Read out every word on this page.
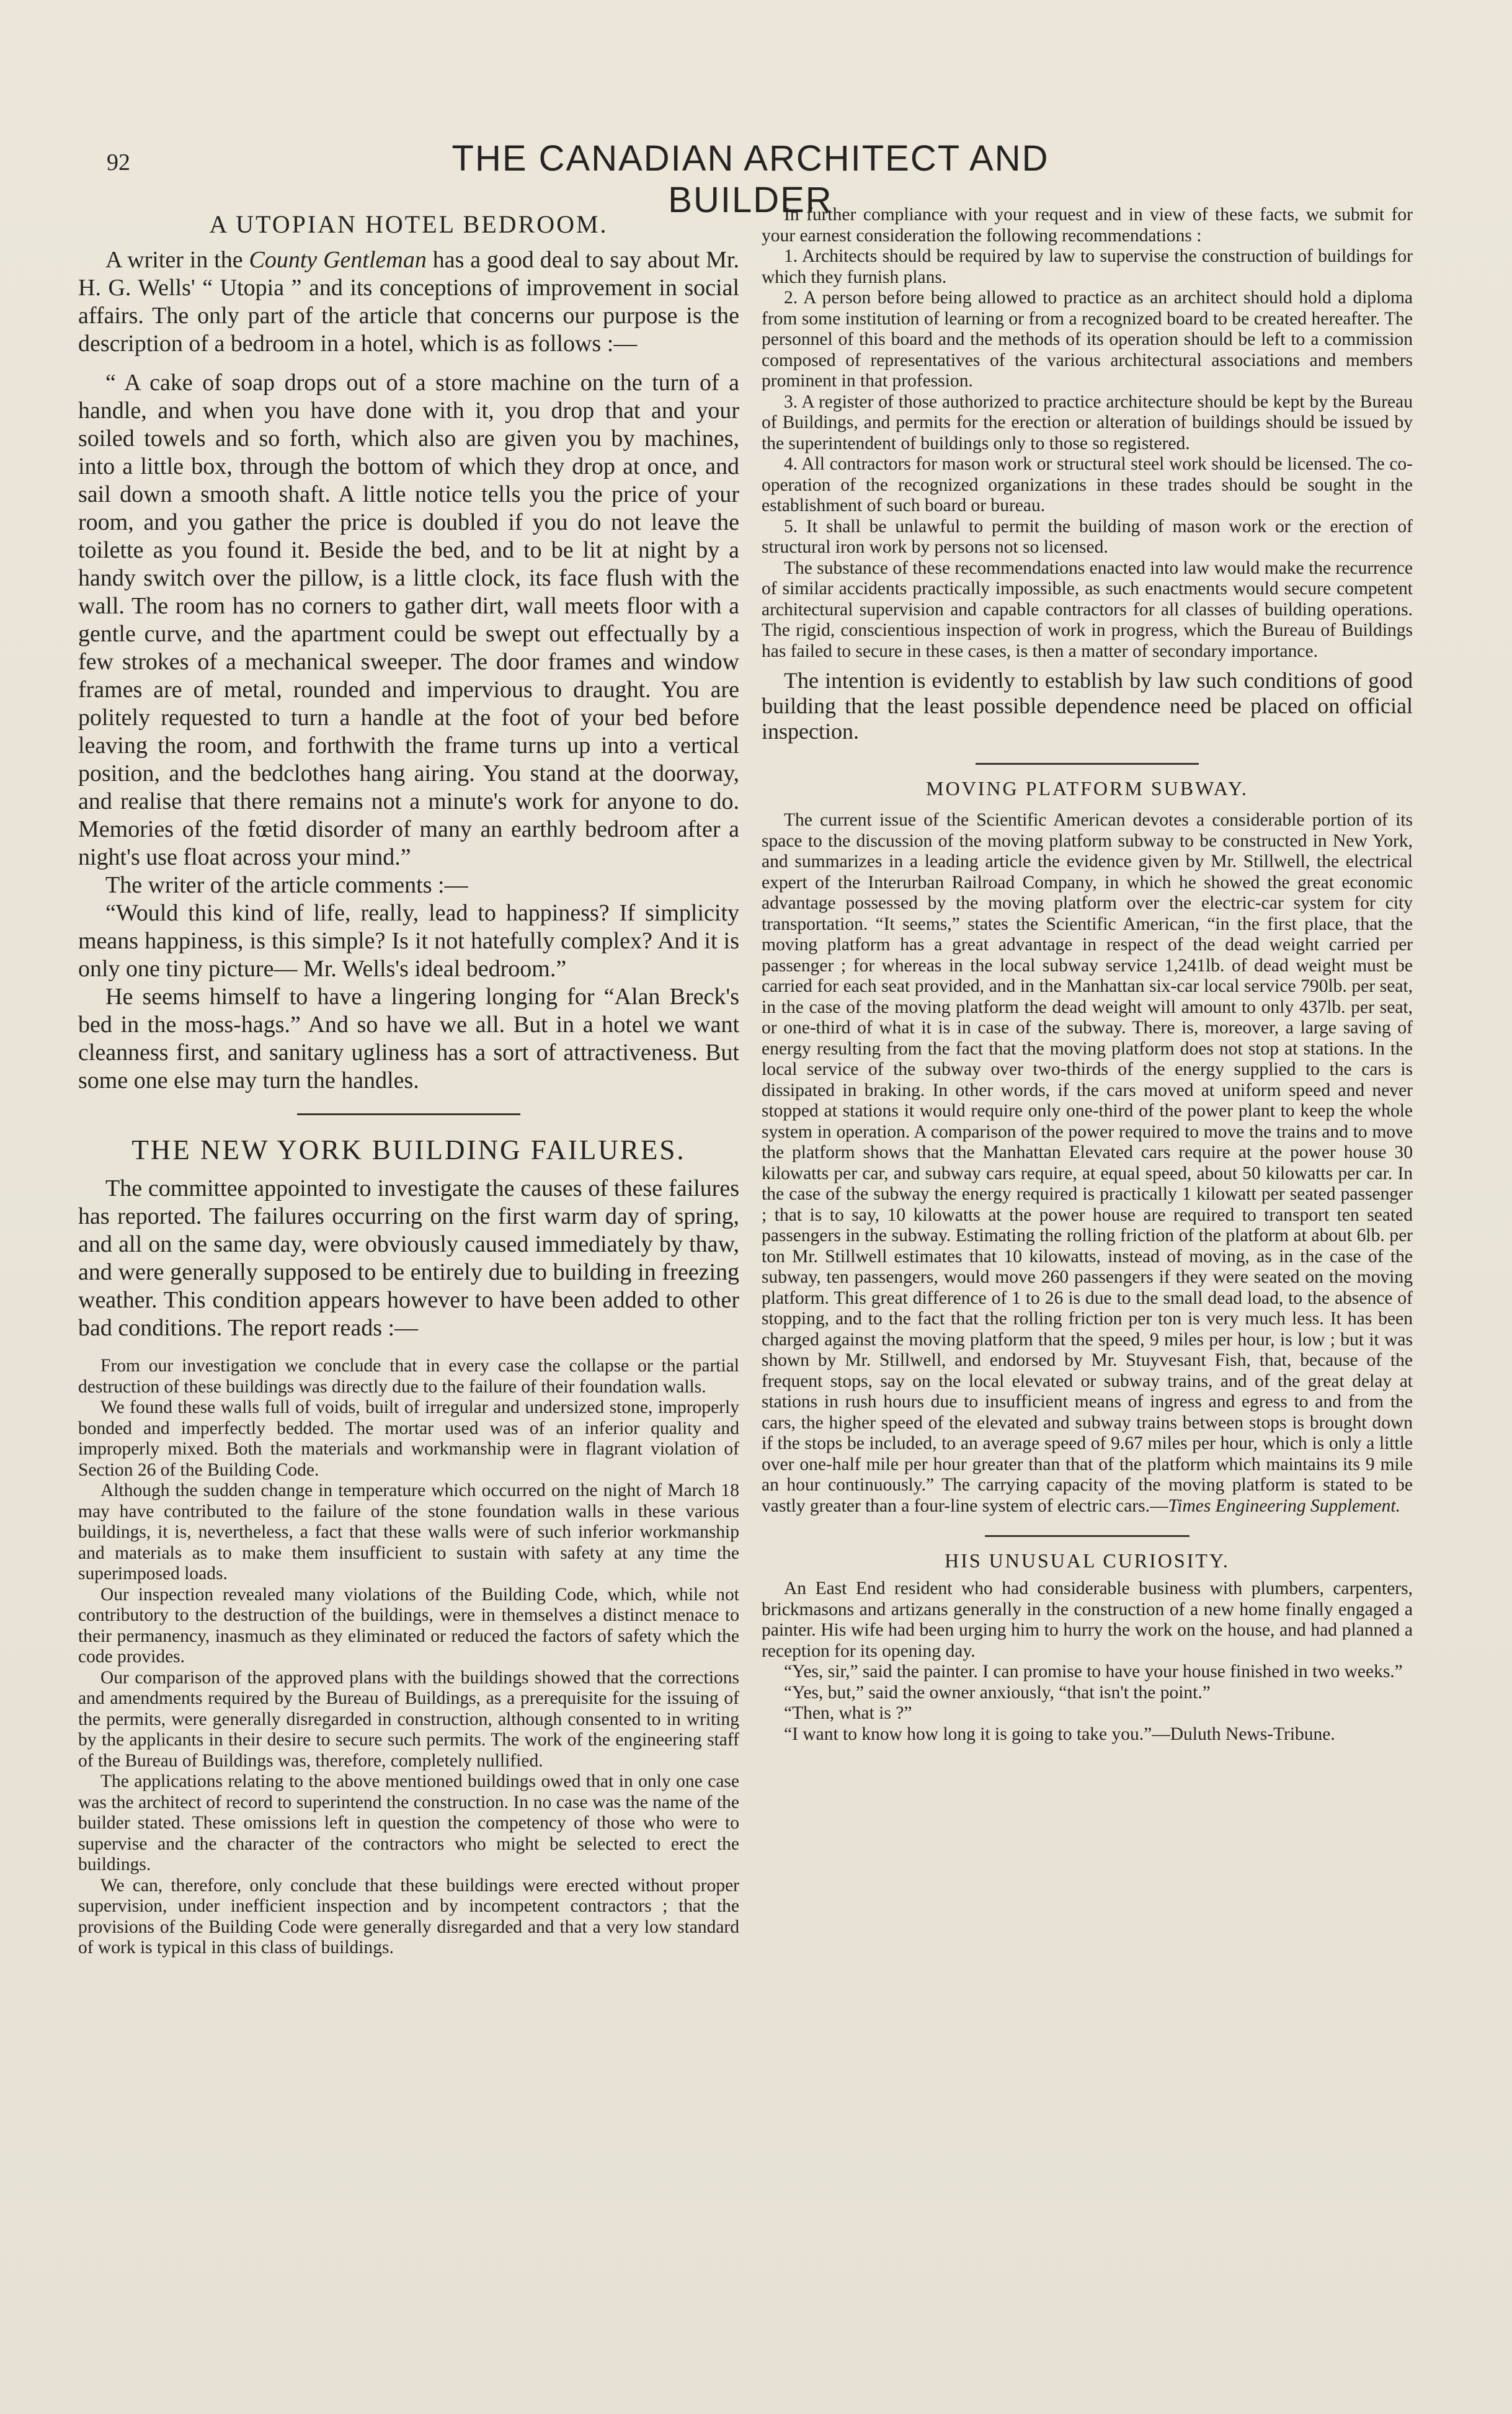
92	THE CANADIAN ARCHITECT AND BUILDER
A UTOPIAN HOTEL BEDROOM.

A writer in the County Gentleman has a good deal to say about Mr. H. G. Wells' “ Utopia ” and its conceptions of improvement in social affairs. The only part of the article that concerns our purpose is the description of a bedroom in a hotel, which is as follows :—

“ A cake of soap drops out of a store machine on the turn of a handle, and when you have done with it, you drop that and your soiled towels and so forth, which also are given you by machines, into a little box, through the bottom of which they drop at once, and sail down a smooth shaft. A little notice tells you the price of your room, and you gather the price is doubled if you do not leave the toilette as you found it. Beside the bed, and to be lit at night by a handy switch over the pillow, is a little clock, its face flush with the wall. The room has no corners to gather dirt, wall meets floor with a gentle curve, and the apartment could be swept out effectually by a few strokes of a mechanical sweeper. The door frames and window frames are of metal, rounded and impervious to draught. You are politely requested to turn a handle at the foot of your bed before leaving the room, and forthwith the frame turns up into a vertical position, and the bedclothes hang airing. You stand at the doorway, and realise that there remains not a minute's work for anyone to do. Memories of the fœtid disorder of many an earthly bedroom after a night's use float across your mind.”

The writer of the article comments :—

“Would this kind of life, really, lead to happiness? If simplicity means happiness, is this simple? Is it not hatefully complex? And it is only one tiny picture— Mr. Wells's ideal bedroom.”

He seems himself to have a lingering longing for “Alan Breck's bed in the moss-hags.” And so have we all. But in a hotel we want cleanness first, and sanitary ugliness has a sort of attractiveness. But some one else may turn the handles.

THE NEW YORK BUILDING FAILURES.

The committee appointed to investigate the causes of these failures has reported. The failures occurring on the first warm day of spring, and all on the same day, were obviously caused immediately by thaw, and were generally supposed to be entirely due to building in freezing weather. This condition appears however to have been added to other bad conditions. The report reads :—

From our investigation we conclude that in every case the collapse or the partial destruction of these buildings was directly due to the failure of their foundation walls.

We found these walls full of voids, built of irregular and undersized stone, improperly bonded and imperfectly bedded. The mortar used was of an inferior quality and improperly mixed. Both the materials and workmanship were in flagrant violation of Section 26 of the Building Code.

Although the sudden change in temperature which occurred on the night of March 18 may have contributed to the failure of the stone foundation walls in these various buildings, it is, nevertheless, a fact that these walls were of such inferior workmanship and materials as to make them insufficient to sustain with safety at any time the superimposed loads.

Our inspection revealed many violations of the Building Code, which, while not contributory to the destruction of the buildings, were in themselves a distinct menace to their permanency, inasmuch as they eliminated or reduced the factors of safety which the code provides.

Our comparison of the approved plans with the buildings showed that the corrections and amendments required by the Bureau of Buildings, as a prerequisite for the issuing of the permits, were generally disregarded in construction, although consented to in writing by the applicants in their desire to secure such permits. The work of the engineering staff of the Bureau of Buildings was, therefore, completely nullified.

The applications relating to the above mentioned buildings owed that in only one case was the architect of record to superintend the construction. In no case was the name of the builder stated. These omissions left in question the competency of those who were to supervise and the character of the contractors who might be selected to erect the buildings.

We can, therefore, only conclude that these buildings were erected without proper supervision, under inefficient inspection and by incompetent contractors ; that the provisions of the Building Code were generally disregarded and that a very low standard of work is typical in this class of buildings.

In further compliance with your request and in view of these facts, we submit for your earnest consideration the following recommendations :

1. Architects should be required by law to supervise the construction of buildings for which they furnish plans.

2. A person before being allowed to practice as an architect should hold a diploma from some institution of learning or from a recognized board to be created hereafter. The personnel of this board and the methods of its operation should be left to a commission composed of representatives of the various architectural associations and members prominent in that profession.

3. A register of those authorized to practice architecture should be kept by the Bureau of Buildings, and permits for the erection or alteration of buildings should be issued by the superintendent of buildings only to those so registered.

4. All contractors for mason work or structural steel work should be licensed. The co-operation of the recognized organizations in these trades should be sought in the establishment of such board or bureau.

5. It shall be unlawful to permit the building of mason work or the erection of structural iron work by persons not so licensed.

The substance of these recommendations enacted into law would make the recurrence of similar accidents practically impossible, as such enactments would secure competent architectural supervision and capable contractors for all classes of building operations. The rigid, conscientious inspection of work in progress, which the Bureau of Buildings has failed to secure in these cases, is then a matter of secondary importance.

The intention is evidently to establish by law such conditions of good building that the least possible dependence need be placed on official inspection.

MOVING PLATFORM SUBWAY.

The current issue of the Scientific American devotes a considerable portion of its space to the discussion of the moving platform subway to be constructed in New York, and summarizes in a leading article the evidence given by Mr. Stillwell, the electrical expert of the Interurban Railroad Company, in which he showed the great economic advantage possessed by the moving platform over the electric-car system for city transportation. “It seems,” states the Scientific American, “in the first place, that the moving platform has a great advantage in respect of the dead weight carried per passenger ; for whereas in the local subway service 1,241lb. of dead weight must be carried for each seat provided, and in the Manhattan six-car local service 790lb. per seat, in the case of the moving platform the dead weight will amount to only 437lb. per seat, or one-third of what it is in case of the subway. There is, moreover, a large saving of energy resulting from the fact that the moving platform does not stop at stations. In the local service of the subway over two-thirds of the energy supplied to the cars is dissipated in braking. In other words, if the cars moved at uniform speed and never stopped at stations it would require only one-third of the power plant to keep the whole system in operation. A comparison of the power required to move the trains and to move the platform shows that the Manhattan Elevated cars require at the power house 30 kilowatts per car, and subway cars require, at equal speed, about 50 kilowatts per car. In the case of the subway the energy required is practically 1 kilowatt per seated passenger ; that is to say, 10 kilowatts at the power house are required to transport ten seated passengers in the subway. Estimating the rolling friction of the platform at about 6lb. per ton Mr. Stillwell estimates that 10 kilowatts, instead of moving, as in the case of the subway, ten passengers, would move 260 passengers if they were seated on the moving platform. This great difference of 1 to 26 is due to the small dead load, to the absence of stopping, and to the fact that the rolling friction per ton is very much less. It has been charged against the moving platform that the speed, 9 miles per hour, is low ; but it was shown by Mr. Stillwell, and endorsed by Mr. Stuyvesant Fish, that, because of the frequent stops, say on the local elevated or subway trains, and of the great delay at stations in rush hours due to insufficient means of ingress and egress to and from the cars, the higher speed of the elevated and subway trains between stops is brought down if the stops be included, to an average speed of 9.67 miles per hour, which is only a little over one-half mile per hour greater than that of the platform which maintains its 9 mile an hour continuously.” The carrying capacity of the moving platform is stated to be vastly greater than a four-line system of electric cars.—Times Engineering Supplement.

HIS UNUSUAL CURIOSITY.

An East End resident who had considerable business with plumbers, carpenters, brickmasons and artizans generally in the construction of a new home finally engaged a painter. His wife had been urging him to hurry the work on the house, and had planned a reception for its opening day.

“Yes, sir,” said the painter. I can promise to have your house finished in two weeks.”

“Yes, but,” said the owner anxiously, “that isn't the point.”

“Then, what is ?”

“I want to know how long it is going to take you.”—Duluth News-Tribune.
